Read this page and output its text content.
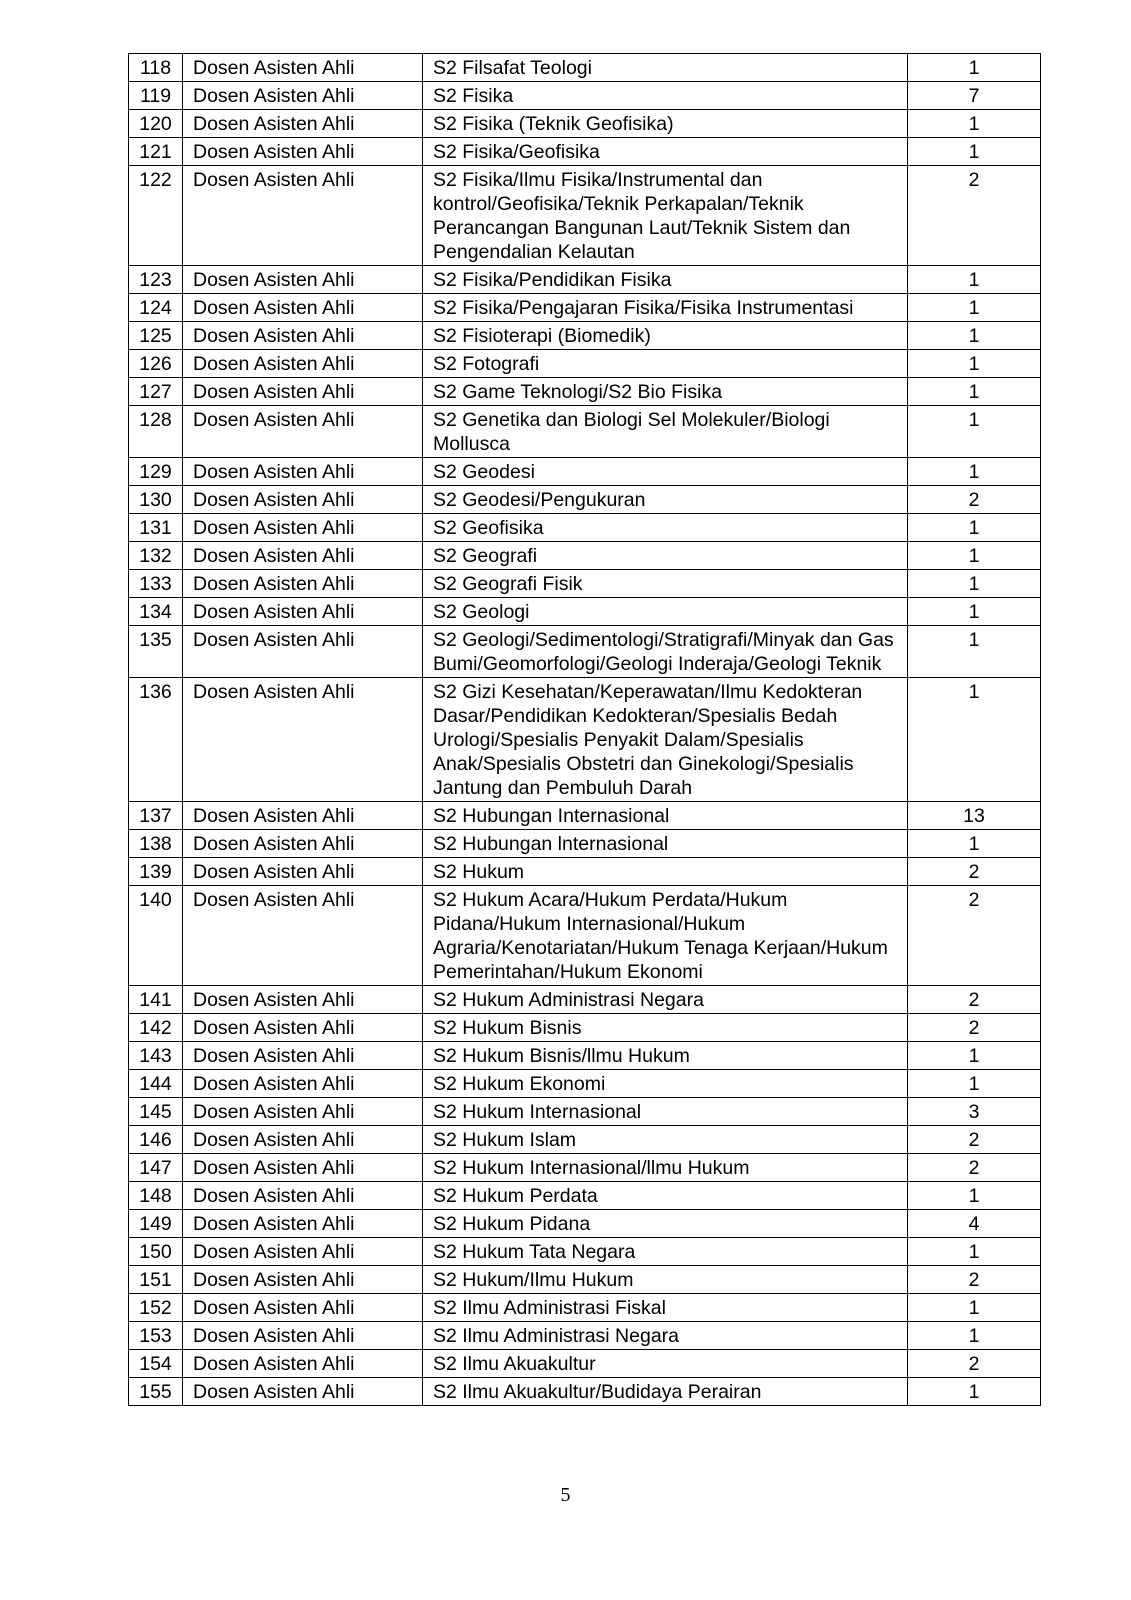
118	Dosen Asisten Ahli	S2 Filsafat Teologi	1
119	Dosen Asisten Ahli	S2 Fisika	7
120	Dosen Asisten Ahli	S2 Fisika (Teknik Geofisika)	1
121	Dosen Asisten Ahli	S2 Fisika/Geofisika	1
122	Dosen Asisten Ahli	S2 Fisika/Ilmu Fisika/Instrumental dan kontrol/Geofisika/Teknik Perkapalan/Teknik Perancangan Bangunan Laut/Teknik Sistem dan Pengendalian Kelautan	2
123	Dosen Asisten Ahli	S2 Fisika/Pendidikan Fisika	1
124	Dosen Asisten Ahli	S2 Fisika/Pengajaran Fisika/Fisika Instrumentasi	1
125	Dosen Asisten Ahli	S2 Fisioterapi (Biomedik)	1
126	Dosen Asisten Ahli	S2 Fotografi	1
127	Dosen Asisten Ahli	S2 Game Teknologi/S2 Bio Fisika	1
128	Dosen Asisten Ahli	S2 Genetika dan Biologi Sel Molekuler/Biologi Mollusca	1
129	Dosen Asisten Ahli	S2 Geodesi	1
130	Dosen Asisten Ahli	S2 Geodesi/Pengukuran	2
131	Dosen Asisten Ahli	S2 Geofisika	1
132	Dosen Asisten Ahli	S2 Geografi	1
133	Dosen Asisten Ahli	S2 Geografi Fisik	1
134	Dosen Asisten Ahli	S2 Geologi	1
135	Dosen Asisten Ahli	S2 Geologi/Sedimentologi/Stratigrafi/Minyak dan Gas Bumi/Geomorfologi/Geologi Inderaja/Geologi Teknik	1
136	Dosen Asisten Ahli	S2 Gizi Kesehatan/Keperawatan/Ilmu Kedokteran Dasar/Pendidikan Kedokteran/Spesialis Bedah Urologi/Spesialis Penyakit Dalam/Spesialis Anak/Spesialis Obstetri dan Ginekologi/Spesialis Jantung dan Pembuluh Darah	1
137	Dosen Asisten Ahli	S2 Hubungan Internasional	13
138	Dosen Asisten Ahli	S2 Hubungan lnternasional	1
139	Dosen Asisten Ahli	S2 Hukum	2
140	Dosen Asisten Ahli	S2 Hukum Acara/Hukum Perdata/Hukum Pidana/Hukum Internasional/Hukum Agraria/Kenotariatan/Hukum Tenaga Kerjaan/Hukum Pemerintahan/Hukum Ekonomi	2
141	Dosen Asisten Ahli	S2 Hukum Administrasi Negara	2
142	Dosen Asisten Ahli	S2 Hukum Bisnis	2
143	Dosen Asisten Ahli	S2 Hukum Bisnis/llmu Hukum	1
144	Dosen Asisten Ahli	S2 Hukum Ekonomi	1
145	Dosen Asisten Ahli	S2 Hukum Internasional	3
146	Dosen Asisten Ahli	S2 Hukum Islam	2
147	Dosen Asisten Ahli	S2 Hukum Internasional/llmu Hukum	2
148	Dosen Asisten Ahli	S2 Hukum Perdata	1
149	Dosen Asisten Ahli	S2 Hukum Pidana	4
150	Dosen Asisten Ahli	S2 Hukum Tata Negara	1
151	Dosen Asisten Ahli	S2 Hukum/Ilmu Hukum	2
152	Dosen Asisten Ahli	S2 Ilmu Administrasi Fiskal	1
153	Dosen Asisten Ahli	S2 Ilmu Administrasi Negara	1
154	Dosen Asisten Ahli	S2 Ilmu Akuakultur	2
155	Dosen Asisten Ahli	S2 Ilmu Akuakultur/Budidaya Perairan	1
5
